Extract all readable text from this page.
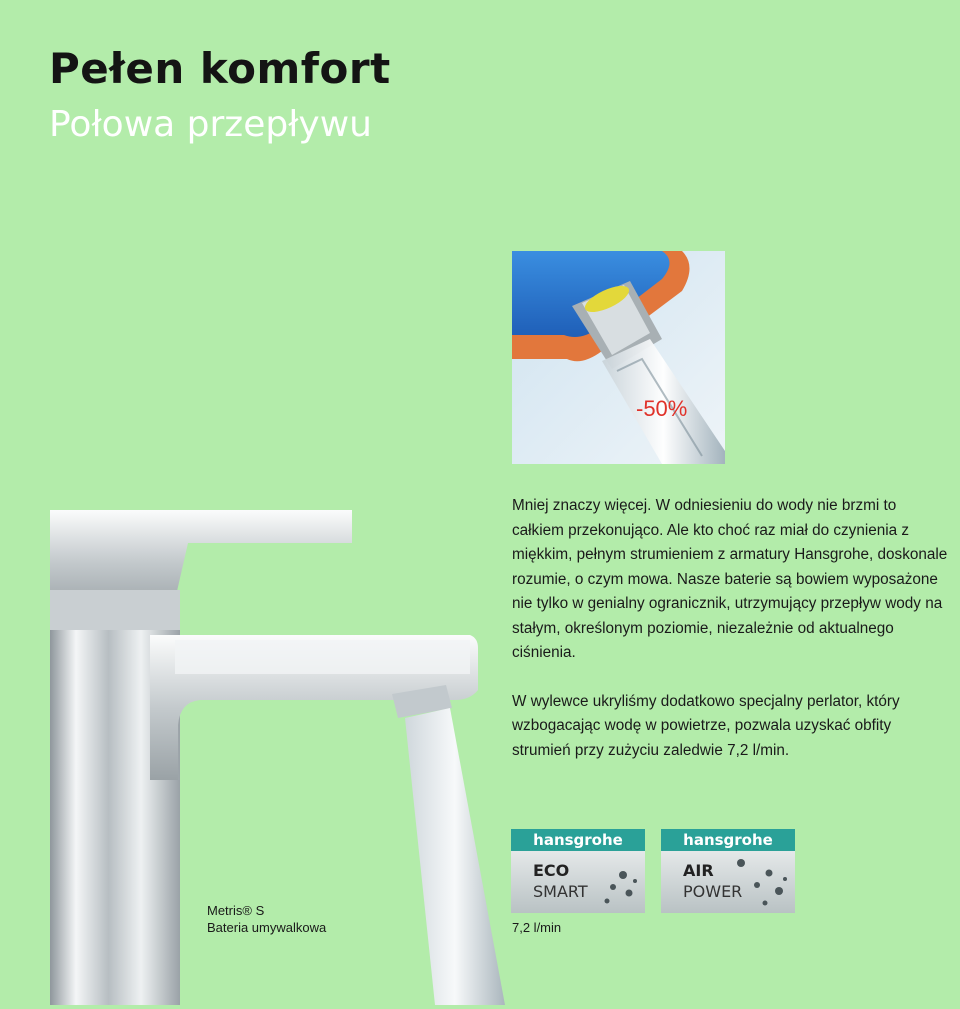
Pełen komfort
Połowa przepływu
-50%

Mniej znaczy więcej. W odniesieniu do wody nie brzmi to całkiem przekonująco. Ale kto choć raz miał do czynienia z miękkim, pełnym strumieniem z armatury Hansgrohe, doskonale rozumie, o czym mowa. Nasze baterie są bowiem wyposażone nie tylko w genialny ogranicznik, utrzymujący przepływ wody na stałym, określonym poziomie, niezależnie od aktualnego ciśnienia.

W wylewce ukryliśmy dodatkowo specjalny perlator, który wzbogacając wodę w powietrze, pozwala uzyskać obfity strumień przy zużyciu zaledwie 7,2 l/min.

Metris® S
Bateria umywalkowa	7,2 l/min
hansgrohe
ECO
SMART
hansgrohe
AIR
POWER
